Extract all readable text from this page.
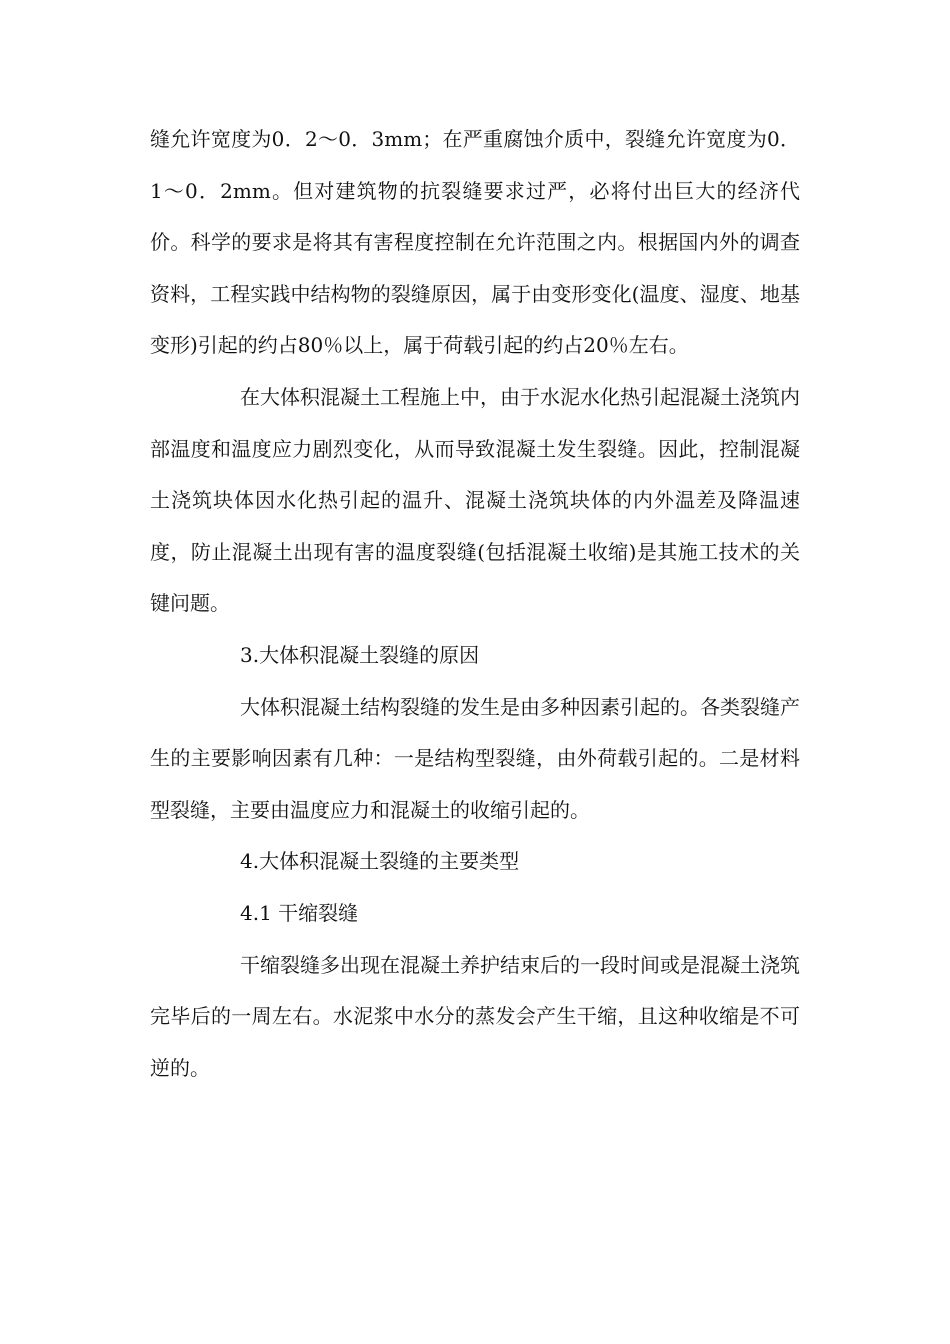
缝允许宽度为0．2～0．3mm；在严重腐蚀介质中，裂缝允许宽度为0．1～0．2mm。但对建筑物的抗裂缝要求过严，必将付出巨大的经济代价。科学的要求是将其有害程度控制在允许范围之内。根据国内外的调查资料，工程实践中结构物的裂缝原因，属于由变形变化(温度、湿度、地基变形)引起的约占80％以上，属于荷载引起的约占20％左右。

在大体积混凝土工程施上中，由于水泥水化热引起混凝土浇筑内部温度和温度应力剧烈变化，从而导致混凝土发生裂缝。因此，控制混凝土浇筑块体因水化热引起的温升、混凝土浇筑块体的内外温差及降温速度，防止混凝土出现有害的温度裂缝(包括混凝土收缩)是其施工技术的关键问题。

3.大体积混凝土裂缝的原因

大体积混凝土结构裂缝的发生是由多种因素引起的。各类裂缝产生的主要影响因素有几种：一是结构型裂缝，由外荷载引起的。二是材料型裂缝，主要由温度应力和混凝土的收缩引起的。

4.大体积混凝土裂缝的主要类型

4.1 干缩裂缝

干缩裂缝多出现在混凝土养护结束后的一段时间或是混凝土浇筑完毕后的一周左右。水泥浆中水分的蒸发会产生干缩，且这种收缩是不可逆的。
